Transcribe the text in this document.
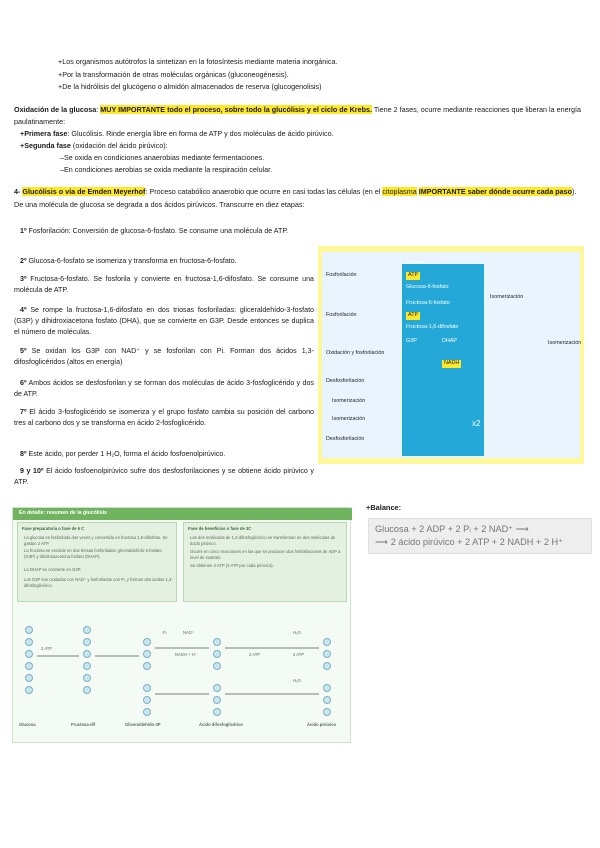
+Los organismos autótrofos la sintetizan en la fotosíntesis mediante materia inorgánica.
+Por la transformación de otras moléculas orgánicas (gluconeogénesis).
+De la hidrólisis del glucógeno o almidón almacenados de reserva (glucogenolisis)
Oxidación de la glucosa: MUY IMPORTANTE todo el proceso, sobre todo la glucólisis y el ciclo de Krebs. Tiene 2 fases, ocurre mediante reacciones que liberan la energía paulatinamente:
+Primera fase: Glucólisis. Rinde energía libre en forma de ATP y dos moléculas de ácido pirúvico.
+Segunda fase (oxidación del ácido pirúvico):
–Se oxida en condiciones anaerobias mediante fermentaciones.
–En condiciones aerobias se oxida mediante la respiración celular.
4- Glucólisis o vía de Emden Meyerhof: Proceso catabólico anaerobio que ocurre en casi todas las células (en el citoplasma IMPORTANTE saber dónde ocurre cada paso). De una molécula de glucosa se degrada a dos ácidos pirúvicos. Transcurre en diez etapas:
1º Fosforilación: Conversión de glucosa-6-fosfato. Se consume una molécula de ATP.
2º Glucosa-6-fosfato se isomeriza y transforma en fructosa-6-fosfato.
3º Fructosa-6-fosfato. Se fosforila y convierte en fructosa-1,6-difosfato. Se consume una molécula de ATP.
4º Se rompe la fructosa-1,6-difosfato en dos triosas fosforiladas: gliceraldehído-3-fosfato (G3P) y dihidroxiacetona fosfato (DHA), que se convierte en G3P. Desde entonces se duplica el número de moléculas.
5º Se oxidan los G3P con NAD⁺ y se fosforilan con Pi. Forman dos ácidos 1,3-difosfoglicéridos (altos en energía)
6º Ambos ácidos se desfosforilan y se forman dos moléculas de ácido 3-fosfoglicérido y dos de ATP.
7º El ácido 3-fosfoglicérido se isomeriza y el grupo fosfato cambia su posición del carbono tres al carbono dos y se transforma en ácido 2-fosfoglicérido.
8º Este ácido, por perder 1 H₂O, forma el ácido fosfoenolpirúvico.
9 y 10º El ácido fosfoenolpirúvico sufre dos desfosforilaciones y se obtiene ácido pirúvico y ATP.
Fosforilación
Fosforilación
Oxidación y fosforilación
Desfosforilación
Isomerización
Isomerización
Desfosforilación
Glucosa
ATP
Glucosa-6-fosfato
Fructosa-6-fosfato
ATP
Fructosa-1,6-difosfato
G3P	DHAP
NADH
Isomerización
Isomerización
x2
En detalle: resumen de la glucólisis
Fase preparatoria o fase de 6 C
La glucosa es fosforilada dos veces y convertida en fructosa 1,6-difosfato. Se gastan 2 ATP.
La fructosa se escinde en dos triosas fosforiladas: gliceraldehído-3-fosfato (G3P) y dihidroxiacetona fosfato (DHAP).
La DHAP se convierte en G3P.
Los G3P son oxidados con NAD⁺ y fosforilados con Pᵢ, y forman dos ácidos 1,3-difosfoglicérico.
Fase de beneficios o fase de 3C
Las dos moléculas de 1,3-difosfoglicérico se transforman en dos moléculas de ácido pirúvico.
Ocurre en cinco reacciones en las que se producen dos fosforilaciones de ADP a nivel de sustrato.
Se obtienen 4 ATP (2 ATP por cada pirúvico).
2 ATP
Pᵢ	NAD⁺
NADH + H⁺	2 ATP
H₂O
2 ATP
H₂O
Glucosa	Fructosa-dif	Gliceraldehído-3P	Ácido difosfoglicérico	Ácido pirúvico
+Balance:
Glucosa + 2 ADP + 2 Pᵢ + 2 NAD⁺ ⟶
⟶ 2 ácido pirúvico + 2 ATP + 2 NADH + 2 H⁺
